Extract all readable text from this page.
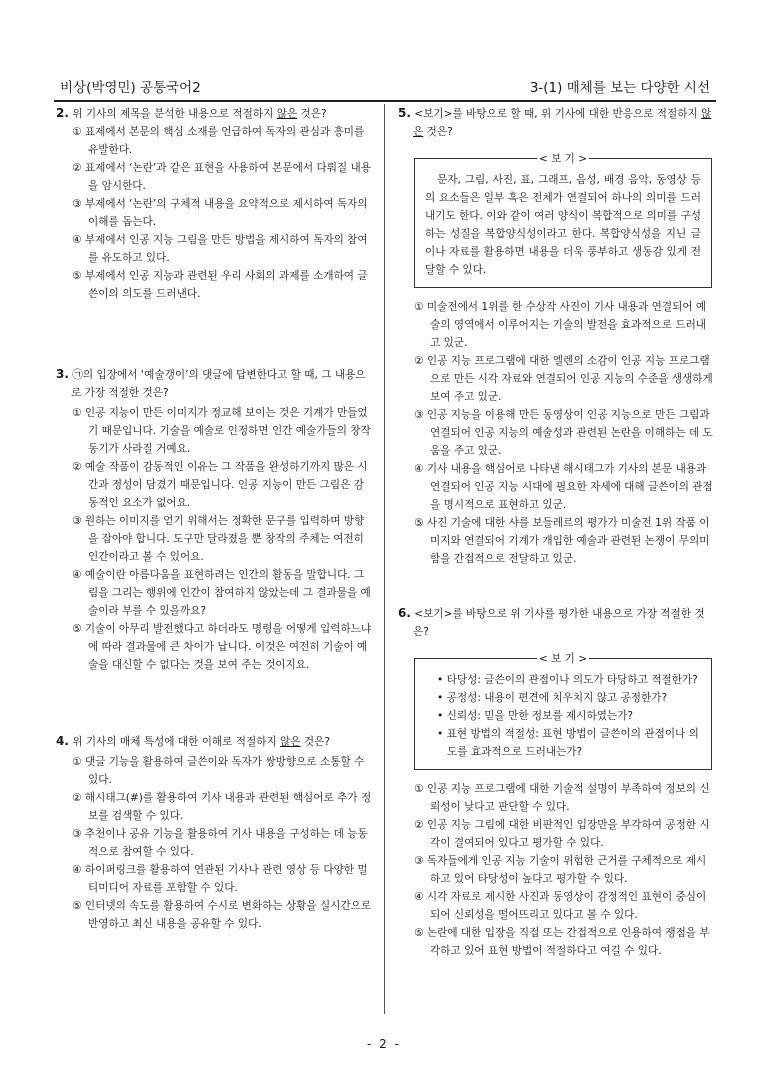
비상(박영민) 공통국어2	3-(1) 매체를 보는 다양한 시선
2. 위 기사의 제목을 분석한 내용으로 적절하지 않은 것은?
① 표제에서 본문의 핵심 소재를 언급하여 독자의 관심과 흥미를 유발한다.
② 표제에서 ‘논란’과 같은 표현을 사용하여 본문에서 다뤄질 내용을 암시한다.
③ 부제에서 ‘논란’의 구체적 내용을 요약적으로 제시하여 독자의 이해를 돕는다.
④ 부제에서 인공 지능 그림을 만든 방법을 제시하여 독자의 참여를 유도하고 있다.
⑤ 부제에서 인공 지능과 관련된 우리 사회의 과제를 소개하여 글쓴이의 의도를 드러낸다.
3. ㉠의 입장에서 ‘예술갱이’의 댓글에 답변한다고 할 때, 그 내용으로 가장 적절한 것은?
① 인공 지능이 만든 이미지가 정교해 보이는 것은 기계가 만들었기 때문입니다. 기술을 예술로 인정하면 인간 예술가들의 창작 동기가 사라질 거예요.
② 예술 작품이 감동적인 이유는 그 작품을 완성하기까지 많은 시간과 정성이 담겼기 때문입니다. 인공 지능이 만든 그림은 감동적인 요소가 없어요.
③ 원하는 이미지를 얻기 위해서는 정확한 문구를 입력하며 방향을 잡아야 합니다. 도구만 달라졌을 뿐 창작의 주체는 여전히 인간이라고 볼 수 있어요.
④ 예술이란 아름다움을 표현하려는 인간의 활동을 말합니다. 그림을 그리는 행위에 인간이 참여하지 않았는데 그 결과물을 예술이라 부를 수 있을까요?
⑤ 기술이 아무리 발전했다고 하더라도 명령을 어떻게 입력하느냐에 따라 결과물에 큰 차이가 납니다. 이것은 여전히 기술이 예술을 대신할 수 없다는 것을 보여 주는 것이지요.
4. 위 기사의 매체 특성에 대한 이해로 적절하지 않은 것은?
① 댓글 기능을 활용하여 글쓴이와 독자가 쌍방향으로 소통할 수 있다.
② 해시태그(#)를 활용하여 기사 내용과 관련된 핵심어로 추가 정보를 검색할 수 있다.
③ 추천이나 공유 기능을 활용하여 기사 내용을 구성하는 데 능동적으로 참여할 수 있다.
④ 하이퍼링크를 활용하여 연관된 기사나 관련 영상 등 다양한 멀티미디어 자료를 포함할 수 있다.
⑤ 인터넷의 속도를 활용하여 수시로 변화하는 상황을 실시간으로 반영하고 최신 내용을 공유할 수 있다.
5. <보기>를 바탕으로 할 때, 위 기사에 대한 반응으로 적절하지 않은 것은?
< 보 기 >

문자, 그림, 사진, 표, 그래프, 음성, 배경 음악, 동영상 등의 요소들은 일부 혹은 전체가 연결되어 하나의 의미를 드러내기도 한다. 이와 같이 여러 양식이 복합적으로 의미를 구성하는 성질을 복합양식성이라고 한다. 복합양식성을 지닌 글이나 자료를 활용하면 내용을 더욱 풍부하고 생동감 있게 전달할 수 있다.

① 미술전에서 1위를 한 수상작 사진이 기사 내용과 연결되어 예술의 영역에서 이루어지는 기술의 발전을 효과적으로 드러내고 있군.
② 인공 지능 프로그램에 대한 엘렌의 소감이 인공 지능 프로그램으로 만든 시각 자료와 연결되어 인공 지능의 수준을 생생하게 보여 주고 있군.
③ 인공 지능을 이용해 만든 동영상이 인공 지능으로 만든 그림과 연결되어 인공 지능의 예술성과 관련된 논란을 이해하는 데 도움을 주고 있군.
④ 기사 내용을 핵심어로 나타낸 해시태그가 기사의 본문 내용과 연결되어 인공 지능 시대에 필요한 자세에 대해 글쓴이의 관점을 명시적으로 표현하고 있군.
⑤ 사진 기술에 대한 샤를 보들레르의 평가가 미술전 1위 작품 이미지와 연결되어 기계가 개입한 예술과 관련된 논쟁이 무의미함을 간접적으로 전달하고 있군.
6. <보기>를 바탕으로 위 기사를 평가한 내용으로 가장 적절한 것은?
< 보 기 >
• 타당성: 글쓴이의 관점이나 의도가 타당하고 적절한가?
• 공정성: 내용이 편견에 치우치지 않고 공정한가?
• 신뢰성: 믿을 만한 정보를 제시하였는가?
• 표현 방법의 적절성: 표현 방법이 글쓴이의 관점이나 의도를 효과적으로 드러내는가?
① 인공 지능 프로그램에 대한 기술적 설명이 부족하여 정보의 신뢰성이 낮다고 판단할 수 있다.
② 인공 지능 그림에 대한 비판적인 입장만을 부각하여 공정한 시각이 결여되어 있다고 평가할 수 있다.
③ 독자들에게 인공 지능 기술이 위험한 근거를 구체적으로 제시하고 있어 타당성이 높다고 평가할 수 있다.
④ 시각 자료로 제시한 사진과 동영상이 감정적인 표현이 중심이 되어 신뢰성을 떨어뜨리고 있다고 볼 수 있다.
⑤ 논란에 대한 입장을 직접 또는 간접적으로 인용하여 쟁점을 부각하고 있어 표현 방법이 적절하다고 여길 수 있다.
- 2 -
